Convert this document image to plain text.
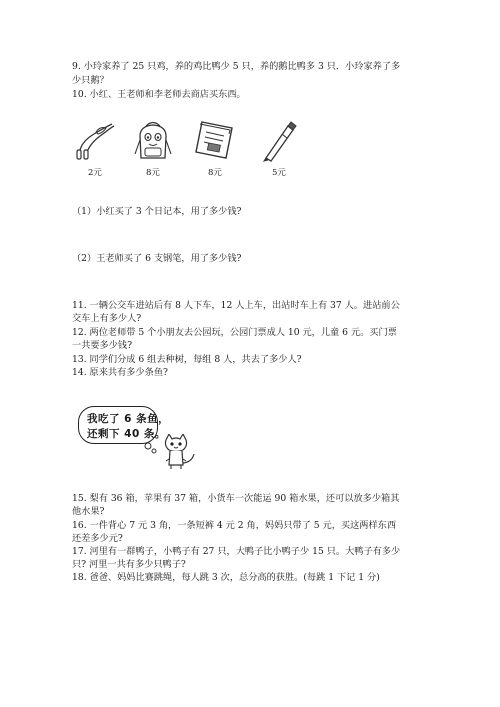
9. 小玲家养了 25 只鸡，养的鸡比鸭少 5 只，养的鹅比鸭多 3 只．小玲家养了多
少只鹅？
10. 小红、王老师和李老师去商店买东西。
2元	8元	8元	5元
（1）小红买了 3 个日记本，用了多少钱?
（2）王老师买了 6 支钢笔，用了多少钱?
11. 一辆公交车进站后有 8 人下车，12 人上车，出站时车上有 37 人。进站前公
交车上有多少人?
12. 两位老师带 5 个小朋友去公园玩，公园门票成人 10 元，儿童 6 元。买门票
一共要多少钱?
13. 同学们分成 6 组去种树，每组 8 人，共去了多少人?
14. 原来共有多少条鱼?
我吃了 6 条鱼，
还剩下 40 条。
15. 梨有 36 箱，苹果有 37 箱，小货车一次能运 90 箱水果，还可以放多少箱其
他水果?
16. 一件背心 7 元 3 角，一条短裤 4 元 2 角，妈妈只带了 5 元，买这两样东西
还差多少元?
17. 河里有一群鸭子，小鸭子有 27 只，大鸭子比小鸭子少 15 只。大鸭子有多少
只? 河里一共有多少只鸭子?
18. 爸爸、妈妈比赛跳绳，每人跳 3 次，总分高的获胜。(每跳 1 下记 1 分)
